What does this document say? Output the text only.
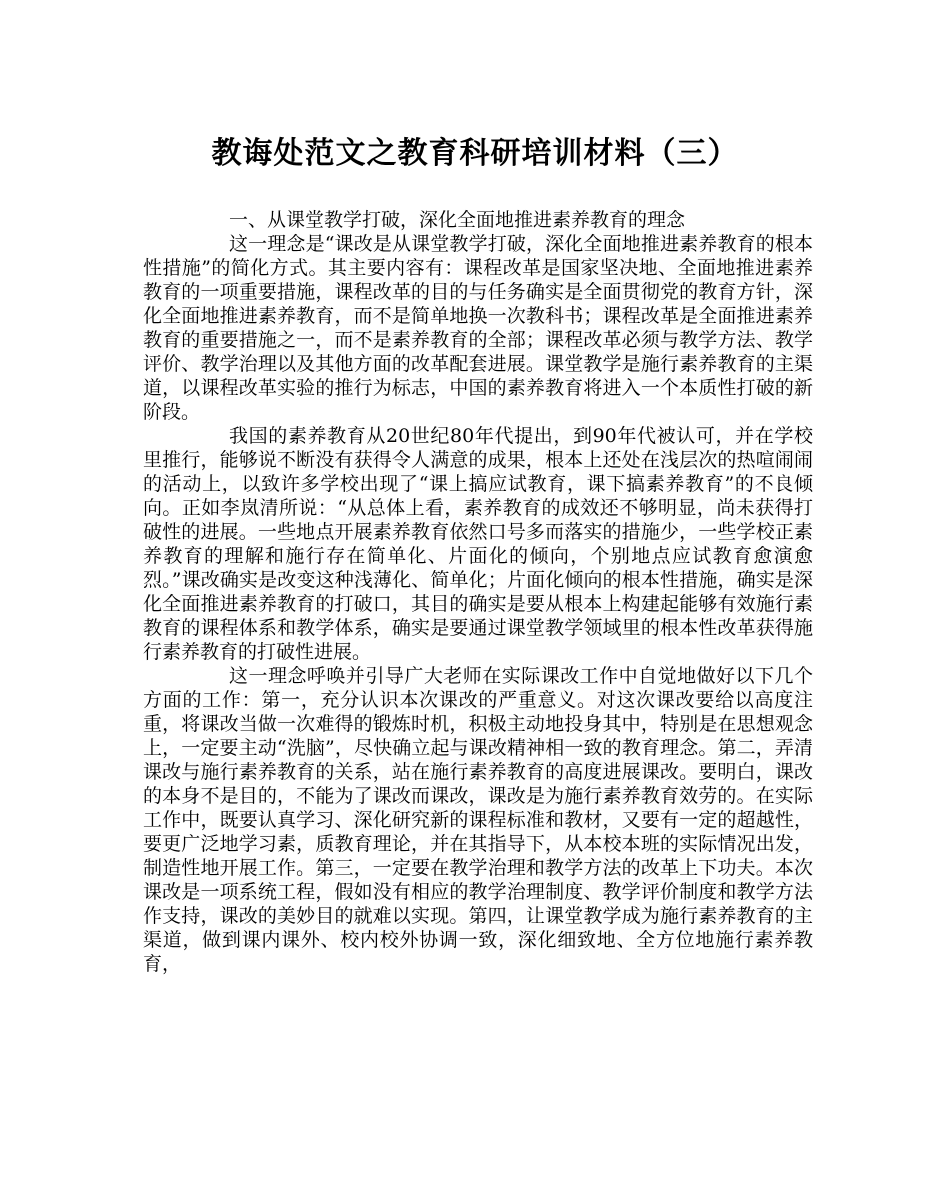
教诲处范文之教育科研培训材料（三）

一、从课堂教学打破，深化全面地推进素养教育的理念

这一理念是“课改是从课堂教学打破，深化全面地推进素养教育的根本性措施”的简化方式。其主要内容有：课程改革是国家坚决地、全面地推进素养教育的一项重要措施，课程改革的目的与任务确实是全面贯彻党的教育方针，深化全面地推进素养教育，而不是简单地换一次教科书；课程改革是全面推进素养教育的重要措施之一，而不是素养教育的全部；课程改革必须与教学方法、教学评价、教学治理以及其他方面的改革配套进展。课堂教学是施行素养教育的主渠道，以课程改革实验的推行为标志，中国的素养教育将进入一个本质性打破的新阶段。

我国的素养教育从20世纪80年代提出，到90年代被认可，并在学校里推行，能够说不断没有获得令人满意的成果，根本上还处在浅层次的热喧闹闹的活动上，以致许多学校出现了“课上搞应试教育，课下搞素养教育”的不良倾向。正如李岚清所说：“从总体上看，素养教育的成效还不够明显，尚未获得打破性的进展。一些地点开展素养教育依然口号多而落实的措施少，一些学校正素养教育的理解和施行存在简单化、片面化的倾向，个别地点应试教育愈演愈烈。”课改确实是改变这种浅薄化、简单化；片面化倾向的根本性措施，确实是深化全面推进素养教育的打破口，其目的确实是要从根本上构建起能够有效施行素教育的课程体系和教学体系，确实是要通过课堂教学领域里的根本性改革获得施行素养教育的打破性进展。

这一理念呼唤并引导广大老师在实际课改工作中自觉地做好以下几个方面的工作：第一，充分认识本次课改的严重意义。对这次课改要给以高度注重，将课改当做一次难得的锻炼时机，积极主动地投身其中，特别是在思想观念上，一定要主动“洗脑”，尽快确立起与课改精神相一致的教育理念。第二，弄清课改与施行素养教育的关系，站在施行素养教育的高度进展课改。要明白，课改的本身不是目的，不能为了课改而课改，课改是为施行素养教育效劳的。在实际工作中，既要认真学习、深化研究新的课程标准和教材，又要有一定的超越性，要更广泛地学习素，质教育理论，并在其指导下，从本校本班的实际情况出发，制造性地开展工作。第三，一定要在教学治理和教学方法的改革上下功夫。本次课改是一项系统工程，假如没有相应的教学治理制度、教学评价制度和教学方法作支持，课改的美妙目的就难以实现。第四，让课堂教学成为施行素养教育的主渠道，做到课内课外、校内校外协调一致，深化细致地、全方位地施行素养教育，
